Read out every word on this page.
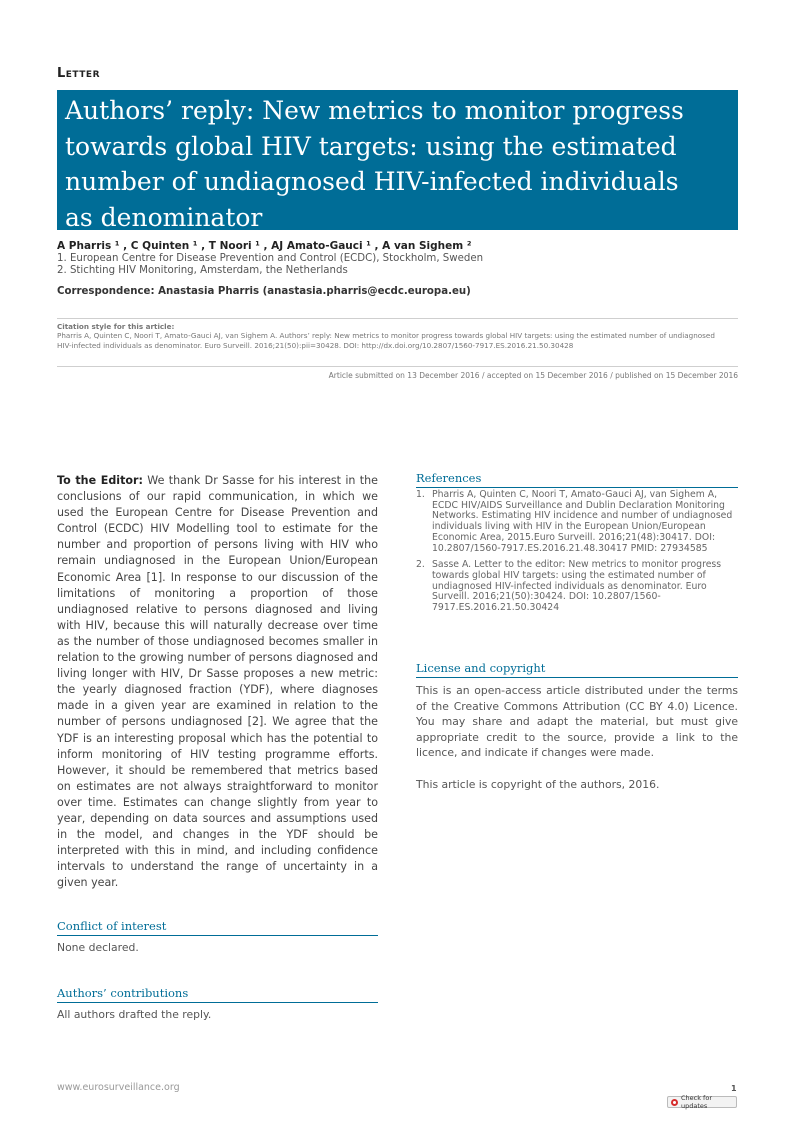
Letter
Authors’ reply: New metrics to monitor progress towards global HIV targets: using the estimated number of undiagnosed HIV-infected individuals as denominator
A Pharris ¹ , C Quinten ¹ , T Noori ¹ , AJ Amato-Gauci ¹ , A van Sighem ²
1. European Centre for Disease Prevention and Control (ECDC), Stockholm, Sweden
2. Stichting HIV Monitoring, Amsterdam, the Netherlands
Correspondence: Anastasia Pharris (anastasia.pharris@ecdc.europa.eu)
Citation style for this article:
Pharris A, Quinten C, Noori T, Amato-Gauci AJ, van Sighem A. Authors’ reply: New metrics to monitor progress towards global HIV targets: using the estimated number of undiagnosed HIV-infected individuals as denominator. Euro Surveill. 2016;21(50):pii=30428. DOI: http://dx.doi.org/10.2807/1560-7917.ES.2016.21.50.30428
Article submitted on 13 December 2016 / accepted on 15 December 2016 / published on 15 December 2016
To the Editor: We thank Dr Sasse for his interest in the conclusions of our rapid communication, in which we used the European Centre for Disease Prevention and Control (ECDC) HIV Modelling tool to estimate for the number and proportion of persons living with HIV who remain undiagnosed in the European Union/European Economic Area [1]. In response to our discussion of the limitations of monitoring a proportion of those undiagnosed relative to persons diagnosed and living with HIV, because this will naturally decrease over time as the number of those undiagnosed becomes smaller in relation to the growing number of persons diagnosed and living longer with HIV, Dr Sasse proposes a new metric: the yearly diagnosed fraction (YDF), where diagnoses made in a given year are examined in relation to the number of persons undiagnosed [2]. We agree that the YDF is an interesting proposal which has the potential to inform monitoring of HIV testing programme efforts. However, it should be remembered that metrics based on estimates are not always straightforward to monitor over time. Estimates can change slightly from year to year, depending on data sources and assumptions used in the model, and changes in the YDF should be interpreted with this in mind, and including confidence intervals to understand the range of uncertainty in a given year.
Conflict of interest
None declared.
Authors’ contributions
All authors drafted the reply.
References
1. Pharris A, Quinten C, Noori T, Amato-Gauci AJ, van Sighem A, ECDC HIV/AIDS Surveillance and Dublin Declaration Monitoring Networks. Estimating HIV incidence and number of undiagnosed individuals living with HIV in the European Union/European Economic Area, 2015.Euro Surveill. 2016;21(48):30417. DOI: 10.2807/1560-7917.ES.2016.21.48.30417 PMID: 27934585
2. Sasse A. Letter to the editor: New metrics to monitor progress towards global HIV targets: using the estimated number of undiagnosed HIV-infected individuals as denominator. Euro Surveill. 2016;21(50):30424. DOI: 10.2807/1560-7917.ES.2016.21.50.30424
License and copyright
This is an open-access article distributed under the terms of the Creative Commons Attribution (CC BY 4.0) Licence. You may share and adapt the material, but must give appropriate credit to the source, provide a link to the licence, and indicate if changes were made.
This article is copyright of the authors, 2016.
www.eurosurveillance.org	1
Check for updates
